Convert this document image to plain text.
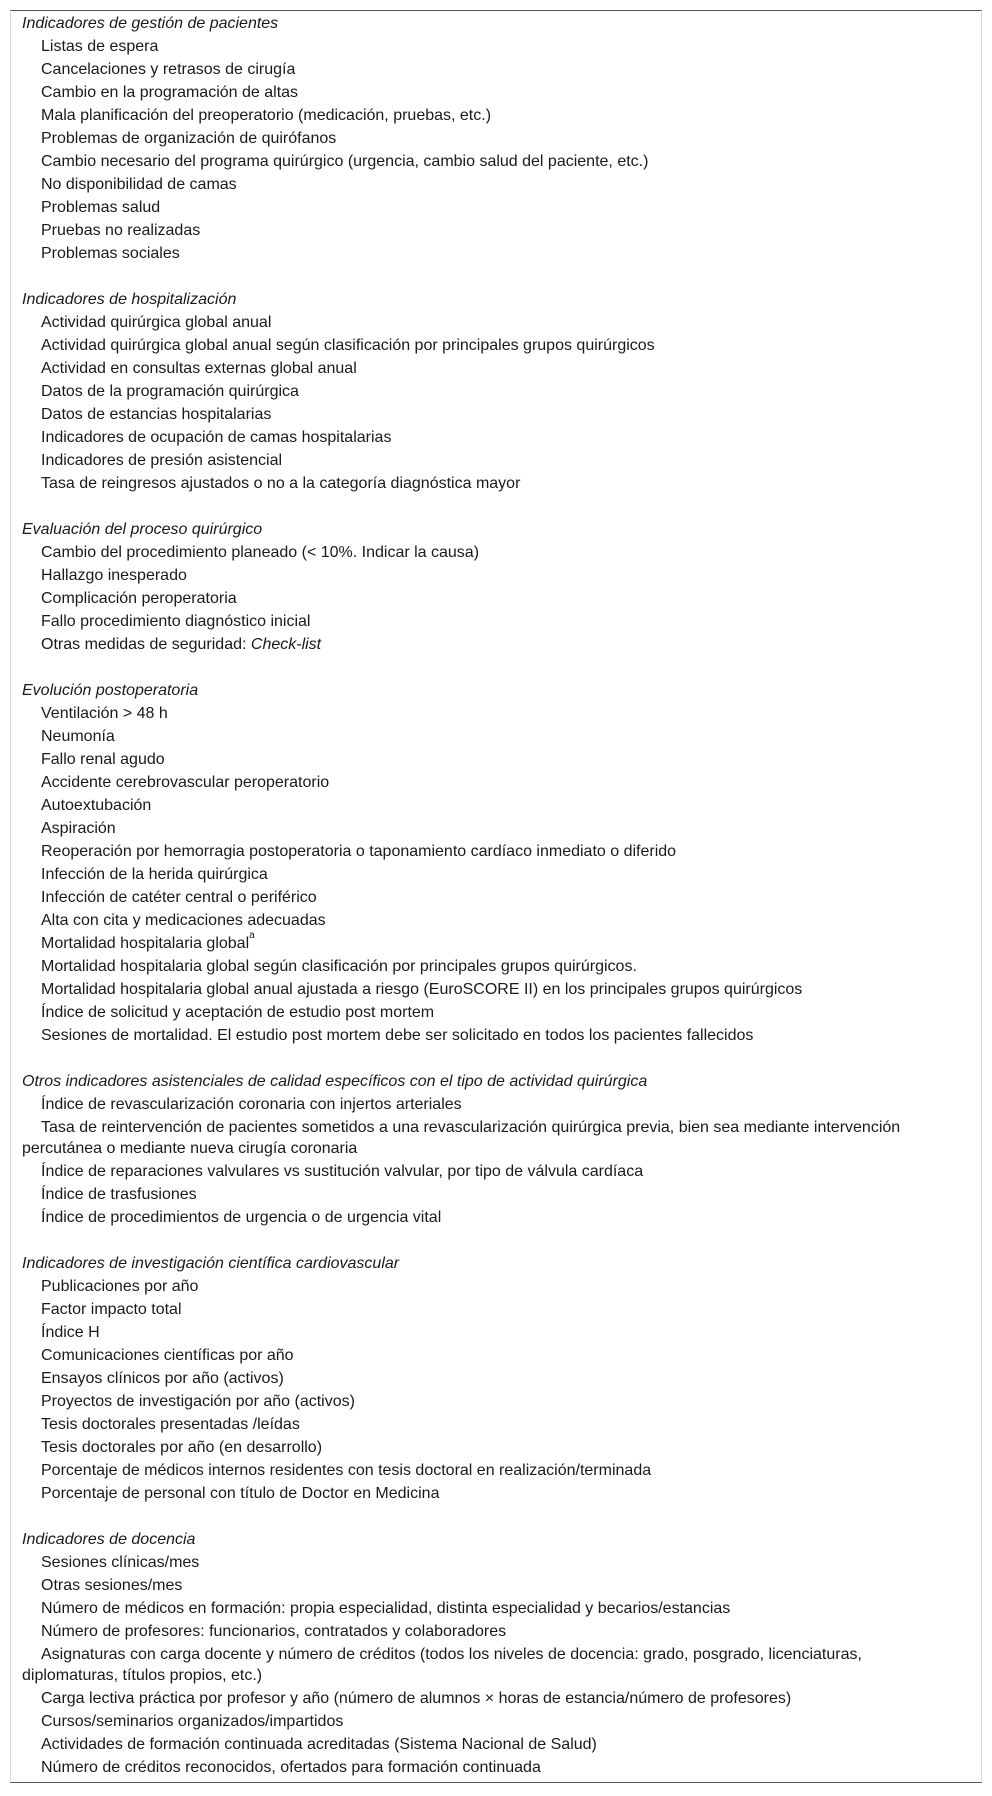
Indicadores de gestión de pacientes
Listas de espera
Cancelaciones y retrasos de cirugía
Cambio en la programación de altas
Mala planificación del preoperatorio (medicación, pruebas, etc.)
Problemas de organización de quirófanos
Cambio necesario del programa quirúrgico (urgencia, cambio salud del paciente, etc.)
No disponibilidad de camas
Problemas salud
Pruebas no realizadas
Problemas sociales
Indicadores de hospitalización
Actividad quirúrgica global anual
Actividad quirúrgica global anual según clasificación por principales grupos quirúrgicos
Actividad en consultas externas global anual
Datos de la programación quirúrgica
Datos de estancias hospitalarias
Indicadores de ocupación de camas hospitalarias
Indicadores de presión asistencial
Tasa de reingresos ajustados o no a la categoría diagnóstica mayor
Evaluación del proceso quirúrgico
Cambio del procedimiento planeado (< 10%. Indicar la causa)
Hallazgo inesperado
Complicación peroperatoria
Fallo procedimiento diagnóstico inicial
Otras medidas de seguridad: Check-list
Evolución postoperatoria
Ventilación > 48 h
Neumonía
Fallo renal agudo
Accidente cerebrovascular peroperatorio
Autoextubación
Aspiración
Reoperación por hemorragia postoperatoria o taponamiento cardíaco inmediato o diferido
Infección de la herida quirúrgica
Infección de catéter central o periférico
Alta con cita y medicaciones adecuadas
Mortalidad hospitalaria global$^a$
Mortalidad hospitalaria global según clasificación por principales grupos quirúrgicos.
Mortalidad hospitalaria global anual ajustada a riesgo (EuroSCORE II) en los principales grupos quirúrgicos
Índice de solicitud y aceptación de estudio post mortem
Sesiones de mortalidad. El estudio post mortem debe ser solicitado en todos los pacientes fallecidos
Otros indicadores asistenciales de calidad específicos con el tipo de actividad quirúrgica
Índice de revascularización coronaria con injertos arteriales
Tasa de reintervención de pacientes sometidos a una revascularización quirúrgica previa, bien sea mediante intervención percutánea o mediante nueva cirugía coronaria
Índice de reparaciones valvulares vs sustitución valvular, por tipo de válvula cardíaca
Índice de trasfusiones
Índice de procedimientos de urgencia o de urgencia vital
Indicadores de investigación científica cardiovascular
Publicaciones por año
Factor impacto total
Índice H
Comunicaciones científicas por año
Ensayos clínicos por año (activos)
Proyectos de investigación por año (activos)
Tesis doctorales presentadas /leídas
Tesis doctorales por año (en desarrollo)
Porcentaje de médicos internos residentes con tesis doctoral en realización/terminada
Porcentaje de personal con título de Doctor en Medicina
Indicadores de docencia
Sesiones clínicas/mes
Otras sesiones/mes
Número de médicos en formación: propia especialidad, distinta especialidad y becarios/estancias
Número de profesores: funcionarios, contratados y colaboradores
Asignaturas con carga docente y número de créditos (todos los niveles de docencia: grado, posgrado, licenciaturas, diplomaturas, títulos propios, etc.)
Carga lectiva práctica por profesor y año (número de alumnos × horas de estancia/número de profesores)
Cursos/seminarios organizados/impartidos
Actividades de formación continuada acreditadas (Sistema Nacional de Salud)
Número de créditos reconocidos, ofertados para formación continuada
